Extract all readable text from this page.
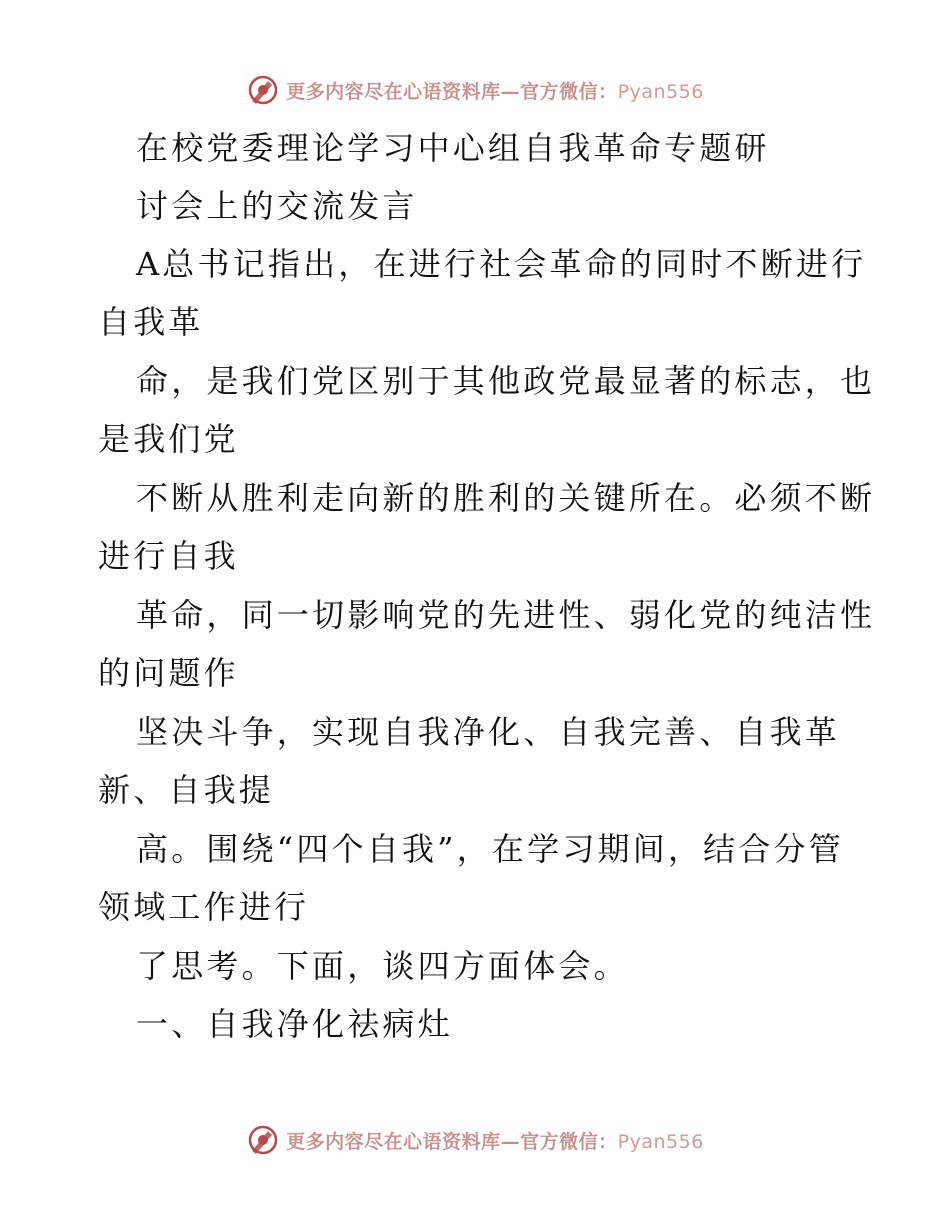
更多内容尽在心语资料库—官方微信：Pyan556
在校党委理论学习中心组自我革命专题研
讨会上的交流发言
A总书记指出，在进行社会革命的同时不断进行
自我革
命，是我们党区别于其他政党最显著的标志，也
是我们党
不断从胜利走向新的胜利的关键所在。必须不断
进行自我
革命，同一切影响党的先进性、弱化党的纯洁性
的问题作
坚决斗争，实现自我净化、自我完善、自我革
新、自我提
高。围绕“四个自我”，在学习期间，结合分管
领域工作进行
了思考。下面，谈四方面体会。
一、自我净化祛病灶
更多内容尽在心语资料库—官方微信：Pyan556
